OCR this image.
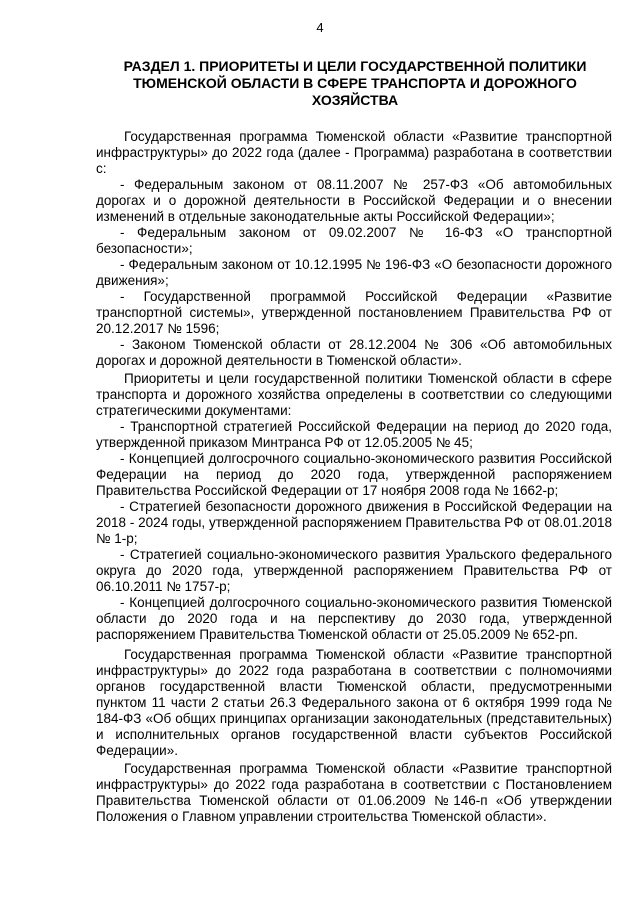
4
РАЗДЕЛ 1. ПРИОРИТЕТЫ И ЦЕЛИ ГОСУДАРСТВЕННОЙ ПОЛИТИКИ
ТЮМЕНСКОЙ ОБЛАСТИ В СФЕРЕ ТРАНСПОРТА И ДОРОЖНОГО
ХОЗЯЙСТВА

Государственная программа Тюменской области «Развитие транспортной инфраструктуры» до 2022 года (далее - Программа) разработана в соответствии с:

- Федеральным законом от 08.11.2007 № 257-ФЗ «Об автомобильных дорогах и о дорожной деятельности в Российской Федерации и о внесении изменений в отдельные законодательные акты Российской Федерации»;

- Федеральным законом от 09.02.2007 № 16-ФЗ «О транспортной безопасности»;

- Федеральным законом от 10.12.1995 № 196-ФЗ «О безопасности дорожного движения»;

- Государственной программой Российской Федерации «Развитие транспортной системы», утвержденной постановлением Правительства РФ от 20.12.2017 № 1596;

- Законом Тюменской области от 28.12.2004 № 306 «Об автомобильных дорогах и дорожной деятельности в Тюменской области».

Приоритеты и цели государственной политики Тюменской области в сфере транспорта и дорожного хозяйства определены в соответствии со следующими стратегическими документами:

- Транспортной стратегией Российской Федерации на период до 2020 года, утвержденной приказом Минтранса РФ от 12.05.2005 № 45;

- Концепцией долгосрочного социально-экономического развития Российской Федерации на период до 2020 года, утвержденной распоряжением Правительства Российской Федерации от 17 ноября 2008 года № 1662-р;

- Стратегией безопасности дорожного движения в Российской Федерации на 2018 - 2024 годы, утвержденной распоряжением Правительства РФ от 08.01.2018 № 1-р;

- Стратегией социально-экономического развития Уральского федерального округа до 2020 года, утвержденной распоряжением Правительства РФ от 06.10.2011 № 1757-р;

- Концепцией долгосрочного социально-экономического развития Тюменской области до 2020 года и на перспективу до 2030 года, утвержденной распоряжением Правительства Тюменской области от 25.05.2009 № 652-рп.

Государственная программа Тюменской области «Развитие транспортной инфраструктуры» до 2022 года разработана в соответствии с полномочиями органов государственной власти Тюменской области, предусмотренными пунктом 11 части 2 статьи 26.3 Федерального закона от 6 октября 1999 года № 184-ФЗ «Об общих принципах организации законодательных (представительных) и исполнительных органов государственной власти субъектов Российской Федерации».

Государственная программа Тюменской области «Развитие транспортной инфраструктуры» до 2022 года разработана в соответствии с Постановлением Правительства Тюменской области от 01.06.2009 №146-п «Об утверждении Положения о Главном управлении строительства Тюменской области».
